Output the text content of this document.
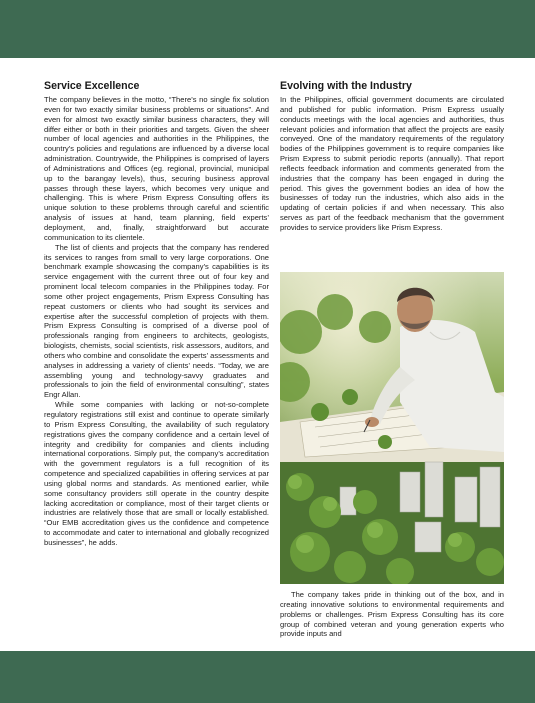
Service Excellence

The company believes in the motto, “There’s no single fix solution even for two exactly similar business problems or situations”. And even for almost two exactly similar business characters, they will differ either or both in their priorities and targets. Given the sheer number of local agencies and authorities in the Philippines, the country’s policies and regulations are influenced by a diverse local administration. Countrywide, the Philippines is comprised of layers of Administrations and Offices (eg. regional, provincial, municipal up to the barangay levels), thus, securing business approval passes through these layers, which becomes very unique and challenging. This is where Prism Express Consulting offers its unique solution to these problems through careful and scientific analysis of issues at hand, team planning, field experts’ deployment, and, finally, straightforward but accurate communication to its clientele.

The list of clients and projects that the company has rendered its services to ranges from small to very large corporations. One benchmark example showcasing the company’s capabilities is its service engagement with the current three out of four key and prominent local telecom companies in the Philippines today. For some other project engagements, Prism Express Consulting has repeat customers or clients who had sought its services and expertise after the successful completion of projects with them. Prism Express Consulting is comprised of a diverse pool of professionals ranging from engineers to architects, geologists, biologists, chemists, social scientists, risk assessors, auditors, and others who combine and consolidate the experts’ assessments and analyses in addressing a variety of clients’ needs. “Today, we are assembling young and technology-savvy graduates and professionals to join the field of environmental consulting”, states Engr Allan.

While some companies with lacking or not-so-complete regulatory registrations still exist and continue to operate similarly to Prism Express Consulting, the availability of such regulatory registrations gives the company confidence and a certain level of integrity and credibility for companies and clients including international corporations. Simply put, the company’s accreditation with the government regulators is a full recognition of its competence and specialized capabilities in offering services at par using global norms and standards. As mentioned earlier, while some consultancy providers still operate in the country despite lacking accreditation or compliance, most of their target clients or industries are relatively those that are small or locally established. “Our EMB accreditation gives us the confidence and competence to accommodate and cater to international and globally recognized businesses”, he adds.

Evolving with the Industry

In the Philippines, official government documents are circulated and published for public information. Prism Express usually conducts meetings with the local agencies and authorities, thus relevant policies and information that affect the projects are easily conveyed. One of the mandatory requirements of the regulatory bodies of the Philippines government is to require companies like Prism Express to submit periodic reports (annually). That report reflects feedback information and comments generated from the industries that the company has been engaged in during the period. This gives the government bodies an idea of how the businesses of today run the industries, which also aids in the updating of certain policies if and when necessary. This also serves as part of the feedback mechanism that the government provides to service providers like Prism Express.

The company takes pride in thinking out of the box, and in creating innovative solutions to environmental requirements and problems or challenges. Prism Express Consulting has its core group of combined veteran and young generation experts who provide inputs and
